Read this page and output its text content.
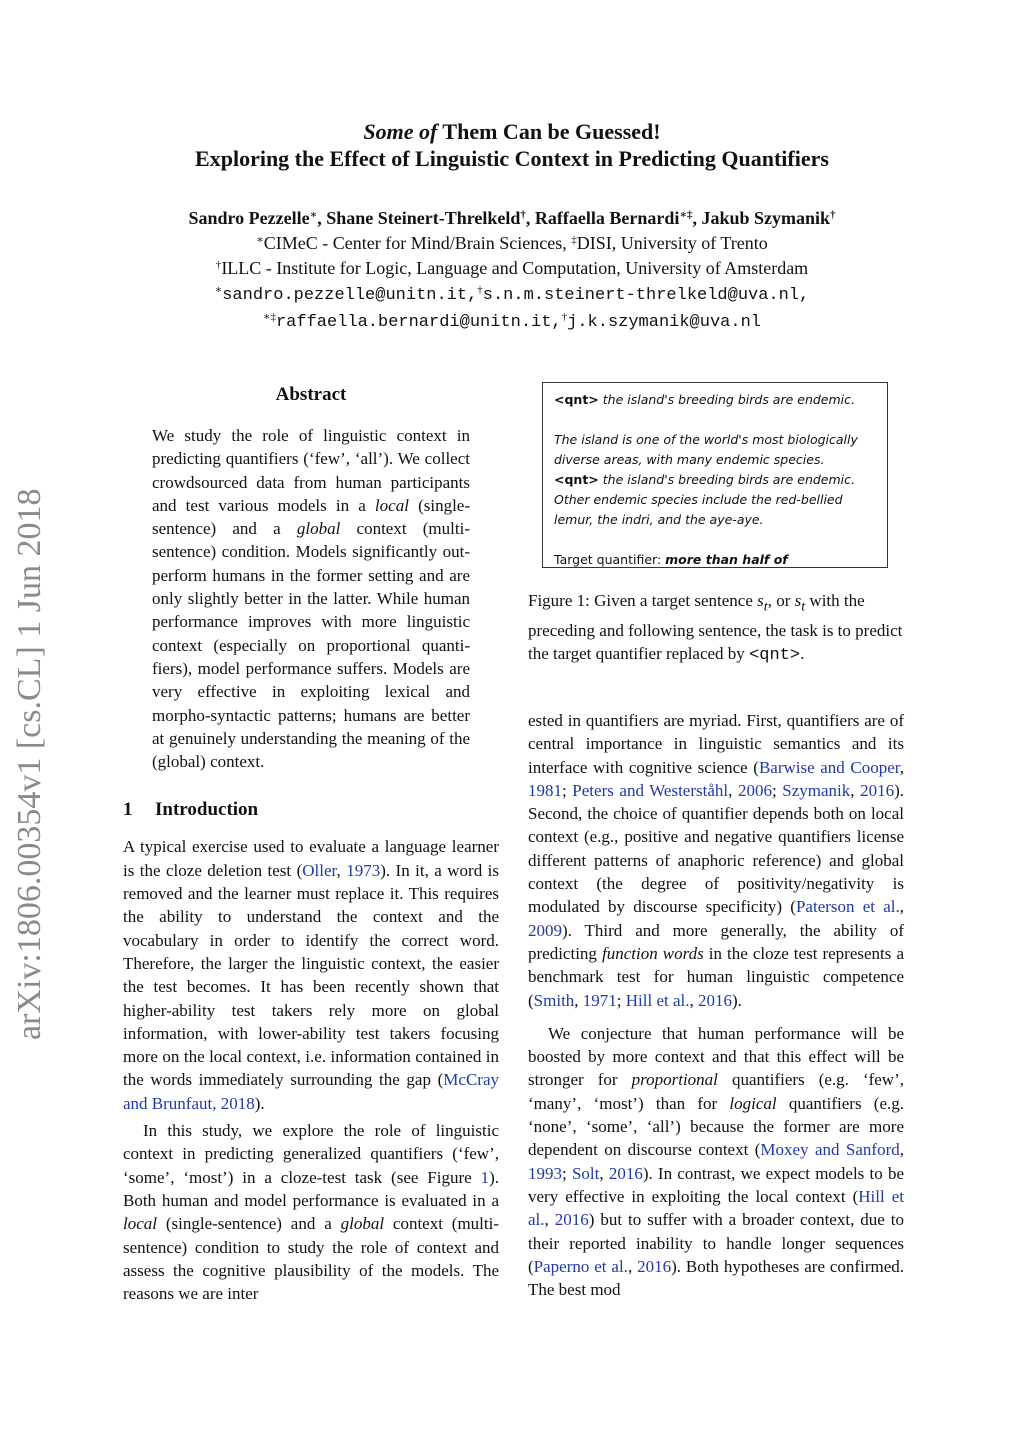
Some of Them Can be Guessed!
Exploring the Effect of Linguistic Context in Predicting Quantifiers
Sandro Pezzelle∗, Shane Steinert-Threlkeld†, Raffaella Bernardi∗‡, Jakub Szymanik†
∗CIMeC - Center for Mind/Brain Sciences, ‡DISI, University of Trento
†ILLC - Institute for Logic, Language and Computation, University of Amsterdam
∗sandro.pezzelle@unitn.it,†s.n.m.steinert-threlkeld@uva.nl,
∗‡raffaella.bernardi@unitn.it,†j.k.szymanik@uva.nl
arXiv:1806.00354v1 [cs.CL] 1 Jun 2018
Abstract

We study the role of linguistic context in predicting quantifiers (‘few’, ‘all’). We collect crowdsourced data from human participants and test various models in a local (single-sentence) and a global context (multi-sentence) condition. Models significantly out-perform humans in the former setting and are only slightly better in the latter. While human performance improves with more linguistic context (especially on proportional quantifiers), model performance suffers. Models are very effective in exploiting lexical and morpho-syntactic patterns; humans are better at genuinely understanding the meaning of the (global) context.

1 Introduction

A typical exercise used to evaluate a language learner is the cloze deletion test (Oller, 1973). In it, a word is removed and the learner must replace it. This requires the ability to understand the context and the vocabulary in order to identify the correct word. Therefore, the larger the linguistic context, the easier the test becomes. It has been recently shown that higher-ability test takers rely more on global information, with lower-ability test takers focusing more on the local context, i.e. information contained in the words immediately surrounding the gap (McCray and Brunfaut, 2018).

In this study, we explore the role of linguistic context in predicting generalized quantifiers (‘few’, ‘some’, ‘most’) in a cloze-test task (see Figure 1). Both human and model performance is evaluated in a local (single-sentence) and a global context (multi-sentence) condition to study the role of context and assess the cognitive plausibility of the models. The reasons we are inter

<qnt> the island's breeding birds are endemic.
The island is one of the world's most biologically
diverse areas, with many endemic species.
<qnt> the island's breeding birds are endemic.
Other endemic species include the red-bellied
lemur, the indri, and the aye-aye.
Target quantifier: more than half of

Figure 1: Given a target sentence $s_t$, or $s_t$ with the preceding and following sentence, the task is to predict the target quantifier replaced by <qnt>.

ested in quantifiers are myriad. First, quantifiers are of central importance in linguistic semantics and its interface with cognitive science (Barwise and Cooper, 1981; Peters and Westerståhl, 2006; Szymanik, 2016). Second, the choice of quantifier depends both on local context (e.g., positive and negative quantifiers license different patterns of anaphoric reference) and global context (the degree of positivity/negativity is modulated by discourse specificity) (Paterson et al., 2009). Third and more generally, the ability of predicting function words in the cloze test represents a benchmark test for human linguistic competence (Smith, 1971; Hill et al., 2016).

We conjecture that human performance will be boosted by more context and that this effect will be stronger for proportional quantifiers (e.g. ‘few’, ‘many’, ‘most’) than for logical quantifiers (e.g. ‘none’, ‘some’, ‘all’) because the former are more dependent on discourse context (Moxey and Sanford, 1993; Solt, 2016). In contrast, we expect models to be very effective in exploiting the local context (Hill et al., 2016) but to suffer with a broader context, due to their reported inability to handle longer sequences (Paperno et al., 2016). Both hypotheses are confirmed. The best mod
